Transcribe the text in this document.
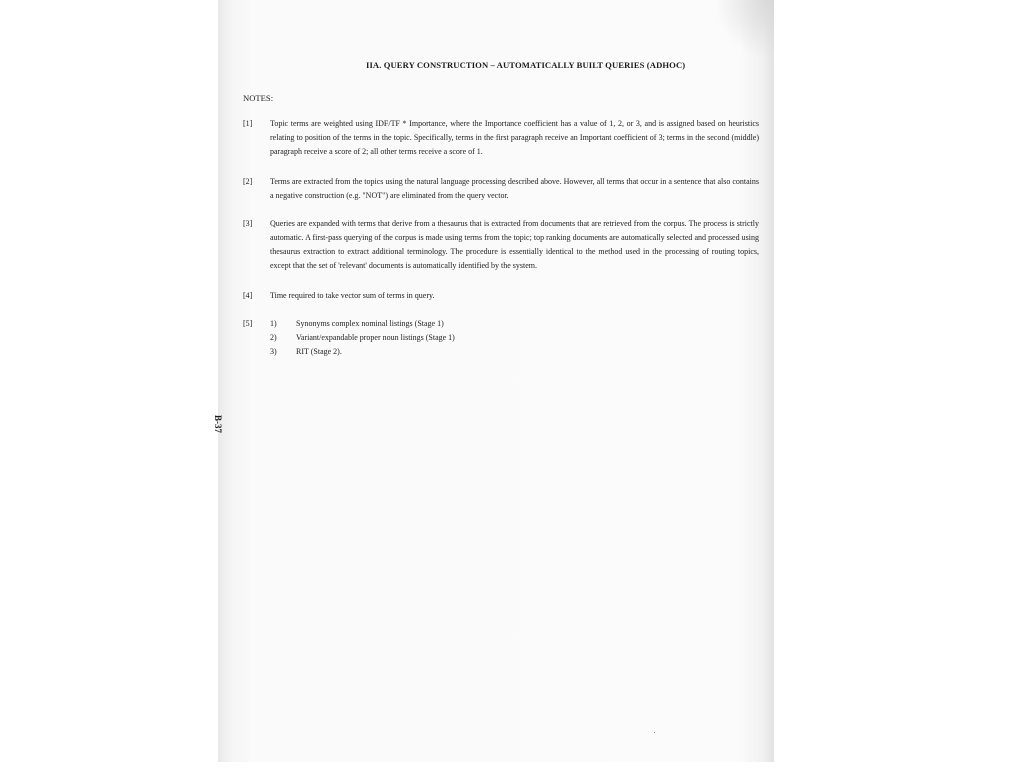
IIA. QUERY CONSTRUCTION – AUTOMATICALLY BUILT QUERIES (ADHOC)
NOTES:
[1] Topic terms are weighted using IDF/TF * Importance, where the Importance coefficient has a value of 1, 2, or 3, and is assigned based on heuristics relating to position of the terms in the topic. Specifically, terms in the first paragraph receive an Important coefficient of 3; terms in the second (middle) paragraph receive a score of 2; all other terms receive a score of 1.
[2] Terms are extracted from the topics using the natural language processing described above. However, all terms that occur in a sentence that also contains a negative construction (e.g. "NOT") are eliminated from the query vector.
[3] Queries are expanded with terms that derive from a thesaurus that is extracted from documents that are retrieved from the corpus. The process is strictly automatic. A first-pass querying of the corpus is made using terms from the topic; top ranking documents are automatically selected and processed using thesaurus extraction to extract additional terminology. The procedure is essentially identical to the method used in the processing of routing topics, except that the set of 'relevant' documents is automatically identified by the system.
[4] Time required to take vector sum of terms in query.
[5] 1) Synonyms complex nominal listings (Stage 1)
2) Variant/expandable proper noun listings (Stage 1)
3) RIT (Stage 2).
B-37
